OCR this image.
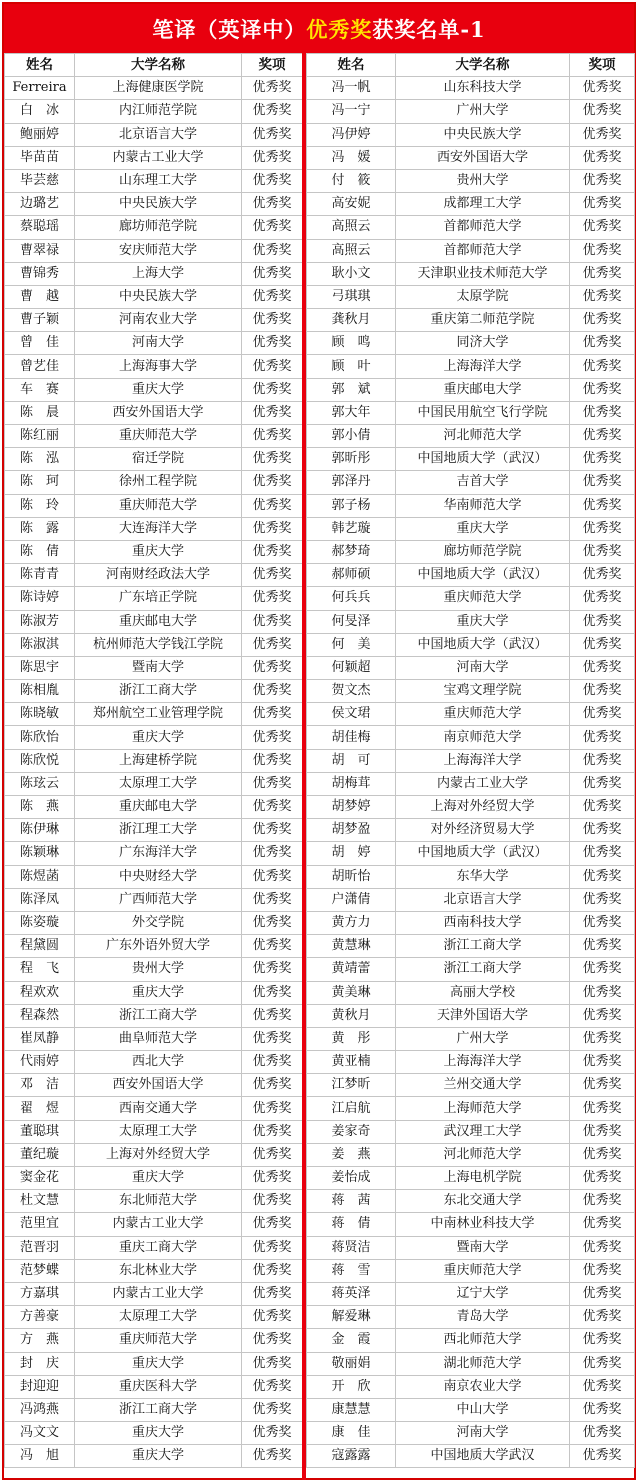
笔译（英译中） 优秀奖 获奖名单-1
姓名	大学名称	奖项
Ferreira	上海健康医学院	优秀奖
白　冰	内江师范学院	优秀奖
鲍丽婷	北京语言大学	优秀奖
毕苗苗	内蒙古工业大学	优秀奖
毕芸慈	山东理工大学	优秀奖
边璐艺	中央民族大学	优秀奖
蔡聪瑶	廊坊师范学院	优秀奖
曹翠禄	安庆师范大学	优秀奖
曹锦秀	上海大学	优秀奖
曹　越	中央民族大学	优秀奖
曹子颖	河南农业大学	优秀奖
曾　佳	河南大学	优秀奖
曾艺佳	上海海事大学	优秀奖
车　赛	重庆大学	优秀奖
陈　晨	西安外国语大学	优秀奖
陈红丽	重庆师范大学	优秀奖
陈　泓	宿迁学院	优秀奖
陈　珂	徐州工程学院	优秀奖
陈　玲	重庆师范大学	优秀奖
陈　露	大连海洋大学	优秀奖
陈　倩	重庆大学	优秀奖
陈青青	河南财经政法大学	优秀奖
陈诗婷	广东培正学院	优秀奖
陈淑芳	重庆邮电大学	优秀奖
陈淑淇	杭州师范大学钱江学院	优秀奖
陈思宇	暨南大学	优秀奖
陈相胤	浙江工商大学	优秀奖
陈晓敏	郑州航空工业管理学院	优秀奖
陈欣怡	重庆大学	优秀奖
陈欣悦	上海建桥学院	优秀奖
陈玹云	太原理工大学	优秀奖
陈　燕	重庆邮电大学	优秀奖
陈伊琳	浙江理工大学	优秀奖
陈颖琳	广东海洋大学	优秀奖
陈煜菡	中央财经大学	优秀奖
陈泽凤	广西师范大学	优秀奖
陈姿璇	外交学院	优秀奖
程黛圆	广东外语外贸大学	优秀奖
程　飞	贵州大学	优秀奖
程欢欢	重庆大学	优秀奖
程森然	浙江工商大学	优秀奖
崔凤静	曲阜师范大学	优秀奖
代雨婷	西北大学	优秀奖
邓　洁	西安外国语大学	优秀奖
翟　煜	西南交通大学	优秀奖
董聪琪	太原理工大学	优秀奖
董纪璇	上海对外经贸大学	优秀奖
窦金花	重庆大学	优秀奖
杜文慧	东北师范大学	优秀奖
范里宜	内蒙古工业大学	优秀奖
范晋羽	重庆工商大学	优秀奖
范梦蝶	东北林业大学	优秀奖
方嘉琪	内蒙古工业大学	优秀奖
方善豪	太原理工大学	优秀奖
方　燕	重庆师范大学	优秀奖
封　庆	重庆大学	优秀奖
封迎迎	重庆医科大学	优秀奖
冯鸿燕	浙江工商大学	优秀奖
冯文文	重庆大学	优秀奖
冯　旭	重庆大学	优秀奖
姓名	大学名称	奖项
冯一帆	山东科技大学	优秀奖
冯一宁	广州大学	优秀奖
冯伊婷	中央民族大学	优秀奖
冯　媛	西安外国语大学	优秀奖
付　筱	贵州大学	优秀奖
高安妮	成都理工大学	优秀奖
高照云	首都师范大学	优秀奖
高照云	首都师范大学	优秀奖
耿小文	天津职业技术师范大学	优秀奖
弓琪琪	太原学院	优秀奖
龚秋月	重庆第二师范学院	优秀奖
顾　鸣	同济大学	优秀奖
顾　叶	上海海洋大学	优秀奖
郭　斌	重庆邮电大学	优秀奖
郭大年	中国民用航空飞行学院	优秀奖
郭小倩	河北师范大学	优秀奖
郭昕彤	中国地质大学（武汉）	优秀奖
郭泽丹	吉首大学	优秀奖
郭子杨	华南师范大学	优秀奖
韩艺璇	重庆大学	优秀奖
郝梦琦	廊坊师范学院	优秀奖
郝师硕	中国地质大学（武汉）	优秀奖
何兵兵	重庆师范大学	优秀奖
何旻泽	重庆大学	优秀奖
何　美	中国地质大学（武汉）	优秀奖
何颖超	河南大学	优秀奖
贺文杰	宝鸡文理学院	优秀奖
侯文珺	重庆师范大学	优秀奖
胡佳梅	南京师范大学	优秀奖
胡　可	上海海洋大学	优秀奖
胡梅茸	内蒙古工业大学	优秀奖
胡梦婷	上海对外经贸大学	优秀奖
胡梦盈	对外经济贸易大学	优秀奖
胡　婷	中国地质大学（武汉）	优秀奖
胡昕怡	东华大学	优秀奖
户潇倩	北京语言大学	优秀奖
黄方力	西南科技大学	优秀奖
黄慧琳	浙江工商大学	优秀奖
黄靖蕾	浙江工商大学	优秀奖
黄美琳	高丽大学校	优秀奖
黄秋月	天津外国语大学	优秀奖
黄　彤	广州大学	优秀奖
黄亚楠	上海海洋大学	优秀奖
江梦昕	兰州交通大学	优秀奖
江启航	上海师范大学	优秀奖
姜家奇	武汉理工大学	优秀奖
姜　燕	河北师范大学	优秀奖
姜怡成	上海电机学院	优秀奖
蒋　茜	东北交通大学	优秀奖
蒋　倩	中南林业科技大学	优秀奖
蒋贤洁	暨南大学	优秀奖
蒋　雪	重庆师范大学	优秀奖
蒋英泽	辽宁大学	优秀奖
解爱琳	青岛大学	优秀奖
金　霞	西北师范大学	优秀奖
敬丽娟	湖北师范大学	优秀奖
开　欣	南京农业大学	优秀奖
康慧慧	中山大学	优秀奖
康　佳	河南大学	优秀奖
寇露露	中国地质大学武汉	优秀奖
